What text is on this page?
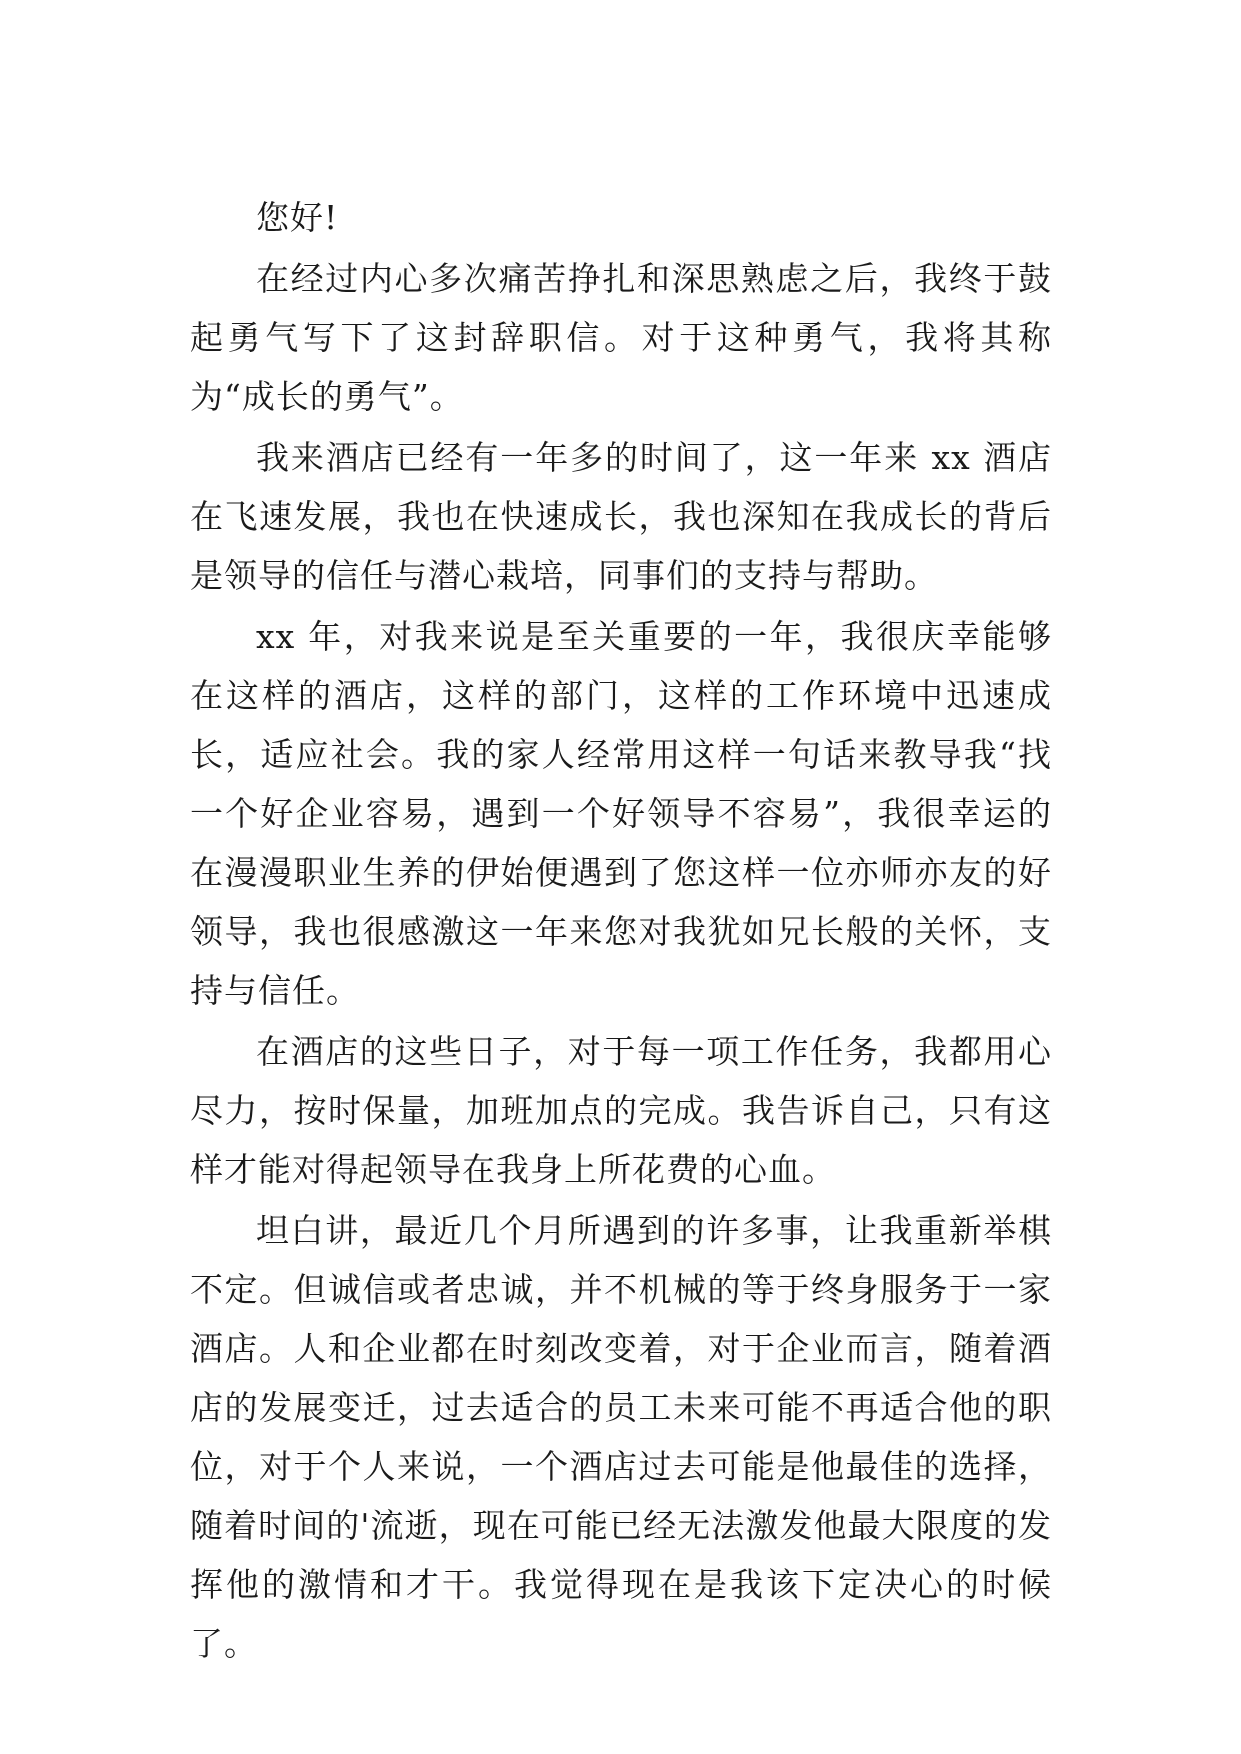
您好!

在经过内心多次痛苦挣扎和深思熟虑之后，我终于鼓起勇气写下了这封辞职信。对于这种勇气，我将其称为“成长的勇气”。

我来酒店已经有一年多的时间了，这一年来 xx 酒店在飞速发展，我也在快速成长，我也深知在我成长的背后是领导的信任与潜心栽培，同事们的支持与帮助。

xx 年，对我来说是至关重要的一年，我很庆幸能够在这样的酒店，这样的部门，这样的工作环境中迅速成长，适应社会。我的家人经常用这样一句话来教导我“找一个好企业容易，遇到一个好领导不容易”，我很幸运的在漫漫职业生养的伊始便遇到了您这样一位亦师亦友的好领导，我也很感激这一年来您对我犹如兄长般的关怀，支持与信任。

在酒店的这些日子，对于每一项工作任务，我都用心尽力，按时保量，加班加点的完成。我告诉自己，只有这样才能对得起领导在我身上所花费的心血。

坦白讲，最近几个月所遇到的许多事，让我重新举棋不定。但诚信或者忠诚，并不机械的等于终身服务于一家酒店。人和企业都在时刻改变着，对于企业而言，随着酒店的发展变迁，过去适合的员工未来可能不再适合他的职位，对于个人来说，一个酒店过去可能是他最佳的选择，随着时间的'流逝，现在可能已经无法激发他最大限度的发挥他的激情和才干。我觉得现在是我该下定决心的时候了。
